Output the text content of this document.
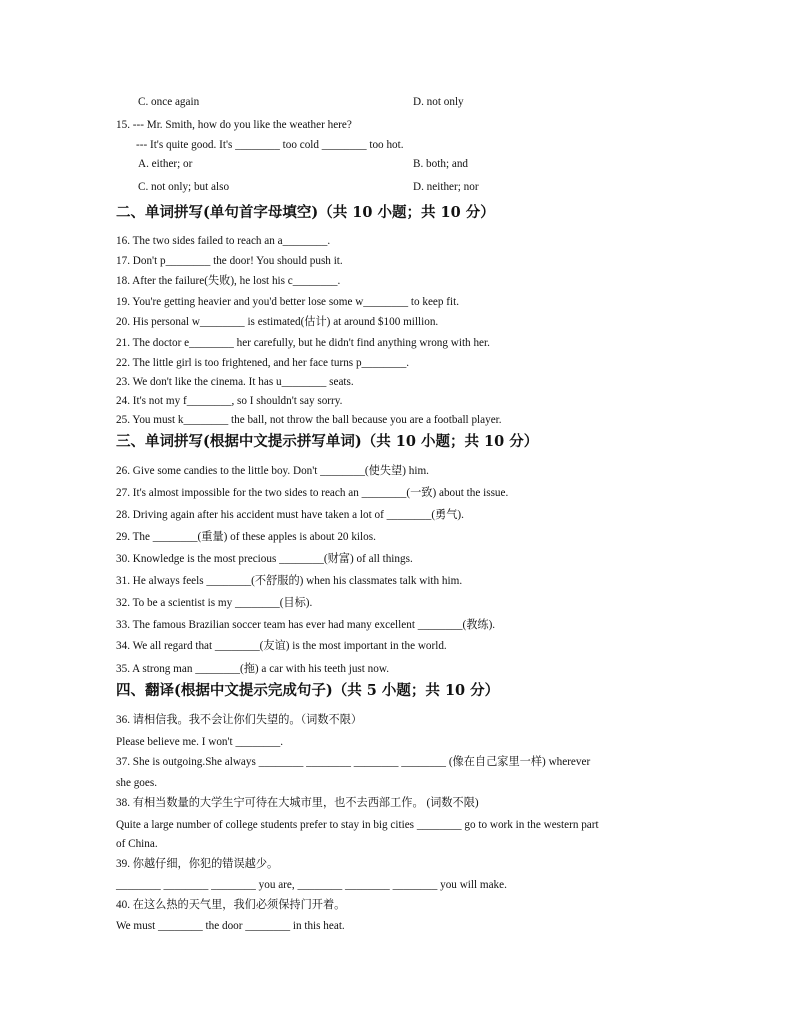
C. once again	D. not only
15. --- Mr. Smith, how do you like the weather here?
--- It's quite good. It's ________ too cold ________ too hot.
A. either; or	B. both; and
C. not only; but also	D. neither; nor
二、单词拼写(单句首字母填空)（共 10 小题；共 10 分）
16. The two sides failed to reach an a________.
17. Don't p________ the door! You should push it.
18. After the failure(失败), he lost his c________.
19. You're getting heavier and you'd better lose some w________ to keep fit.
20. His personal w________ is estimated(估计) at around $100 million.
21. The doctor e________ her carefully, but he didn't find anything wrong with her.
22. The little girl is too frightened, and her face turns p________.
23. We don't like the cinema. It has u________ seats.
24. It's not my f________, so I shouldn't say sorry.
25. You must k________ the ball, not throw the ball because you are a football player.
三、单词拼写(根据中文提示拼写单词)（共 10 小题；共 10 分）
26. Give some candies to the little boy. Don't ________(使失望) him.
27. It's almost impossible for the two sides to reach an ________(一致) about the issue.
28. Driving again after his accident must have taken a lot of ________(勇气).
29. The ________(重量) of these apples is about 20 kilos.
30. Knowledge is the most precious ________(财富) of all things.
31. He always feels ________(不舒服的) when his classmates talk with him.
32. To be a scientist is my ________(目标).
33. The famous Brazilian soccer team has ever had many excellent ________(教练).
34. We all regard that ________(友谊) is the most important in the world.
35. A strong man ________(拖) a car with his teeth just now.
四、翻译(根据中文提示完成句子)（共 5 小题；共 10 分）
36. 请相信我。我不会让你们失望的。（词数不限）
Please believe me. I won't ________.
37. She is outgoing.She always ________ ________ ________ ________ (像在自己家里一样) wherever
she goes.
38. 有相当数量的大学生宁可待在大城市里，也不去西部工作。 (词数不限)
Quite a large number of college students prefer to stay in big cities ________ go to work in the western part
of China.
39. 你越仔细，你犯的错误越少。
________ ________ ________ you are, ________ ________ ________ you will make.
40. 在这么热的天气里，我们必须保持门开着。
We must ________ the door ________ in this heat.
